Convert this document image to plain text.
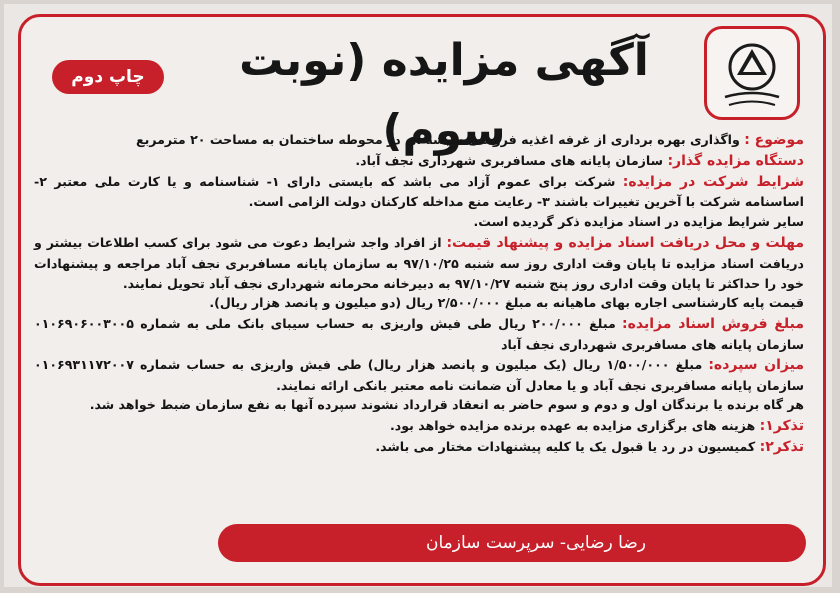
آگهی مزایده (نوبت سوم)
چاپ دوم

موضوع : واگذاری بهره برداری از غرفه اغذیه فروشی شیشه ای در محوطه ساختمان به مساحت ۲۰ مترمربع

دستگاه مزایده گذار: سازمان پایانه های مسافربری شهرداری نجف آباد.

شرایط شرکت در مزایده: شرکت برای عموم آزاد می باشد که بایستی دارای ۱- شناسنامه و یا کارت ملی معتبر ۲- اساسنامه شرکت با آخرین تغییرات باشند ۳- رعایت منع مداخله کارکنان دولت الزامی است.

سایر شرایط مزایده در اسناد مزایده ذکر گردیده است.

مهلت و محل دریافت اسناد مزایده و پیشنهاد قیمت: از افراد واجد شرایط دعوت می شود برای کسب اطلاعات بیشتر و دریافت اسناد مزایده تا پایان وقت اداری روز سه شنبه ۹۷/۱۰/۲۵ به سازمان پایانه مسافربری نجف آباد مراجعه و پیشنهادات خود را حداکثر تا پایان وقت اداری روز پنج شنبه ۹۷/۱۰/۲۷ به دبیرخانه محرمانه شهرداری نجف آباد تحویل نمایند.

قیمت پایه کارشناسی اجاره بهای ماهیانه به مبلغ ۲/۵۰۰/۰۰۰ ریال (دو میلیون و پانصد هزار ریال).

مبلغ فروش اسناد مزایده: مبلغ ۲۰۰/۰۰۰ ریال طی فیش واریزی به حساب سیبای بانک ملی به شماره ۰۱۰۶۹۰۶۰۰۳۰۰۵ سازمان پایانه های مسافربری شهرداری نجف آباد

میزان سپرده: مبلغ ۱/۵۰۰/۰۰۰ ریال (یک میلیون و پانصد هزار ریال) طی فیش واریزی به حساب شماره ۰۱۰۶۹۳۱۱۷۲۰۰۷ سازمان پایانه مسافربری نجف آباد و یا معادل آن ضمانت نامه معتبر بانکی ارائه نمایند.

هر گاه برنده یا برندگان اول و دوم و سوم حاضر به انعقاد قرارداد نشوند سپرده آنها به نفع سازمان ضبط خواهد شد.

تذکر۱: هزینه های برگزاری مزایده به عهده برنده مزایده خواهد بود.

تذکر۲: کمیسیون در رد یا قبول یک یا کلیه پیشنهادات مختار می باشد.

رضا رضایی- سرپرست سازمان
